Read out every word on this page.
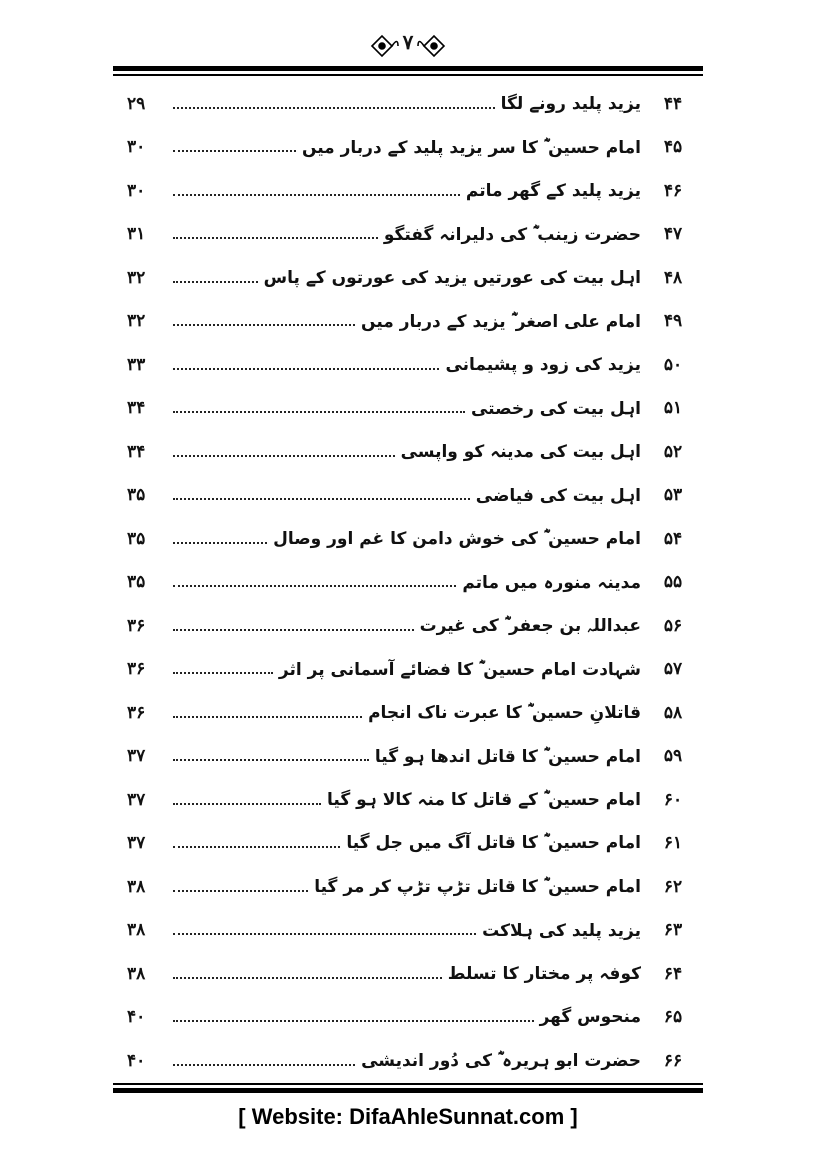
۷
۴۴
یزید پلید رونے لگا
۲۹
۴۵
امام حسین ؓ کا سر یزید پلید کے دربار میں
۳۰
۴۶
یزید پلید کے گھر ماتم
۳۰
۴۷
حضرت زینب ؓ کی دلیرانہ گفتگو
۳۱
۴۸
اہل بیت کی عورتیں یزید کی عورتوں کے پاس
۳۲
۴۹
امام علی اصغر ؓ یزید کے دربار میں
۳۲
۵۰
یزید کی زود و پشیمانی
۳۳
۵۱
اہل بیت کی رخصتی
۳۴
۵۲
اہل بیت کی مدینہ کو واپسی
۳۴
۵۳
اہل بیت کی فیاضی
۳۵
۵۴
امام حسین ؓ کی خوش دامن کا غم اور وصال
۳۵
۵۵
مدینہ منورہ میں ماتم
۳۵
۵۶
عبداللہ بن جعفر ؓ کی غیرت
۳۶
۵۷
شہادت امام حسین ؓ کا فضائے آسمانی پر اثر
۳۶
۵۸
قاتلانِ حسین ؓ کا عبرت ناک انجام
۳۶
۵۹
امام حسین ؓ کا قاتل اندھا ہو گیا
۳۷
۶۰
امام حسین ؓ کے قاتل کا منہ کالا ہو گیا
۳۷
۶۱
امام حسین ؓ کا قاتل آگ میں جل گیا
۳۷
۶۲
امام حسین ؓ کا قاتل تڑپ تڑپ کر مر گیا
۳۸
۶۳
یزید پلید کی ہلاکت
۳۸
۶۴
کوفہ پر مختار کا تسلط
۳۸
۶۵
منحوس گھر
۴۰
۶۶
حضرت ابو ہریرہ ؓ کی دُور اندیشی
۴۰
[ Website: DifaAhleSunnat.com ]
